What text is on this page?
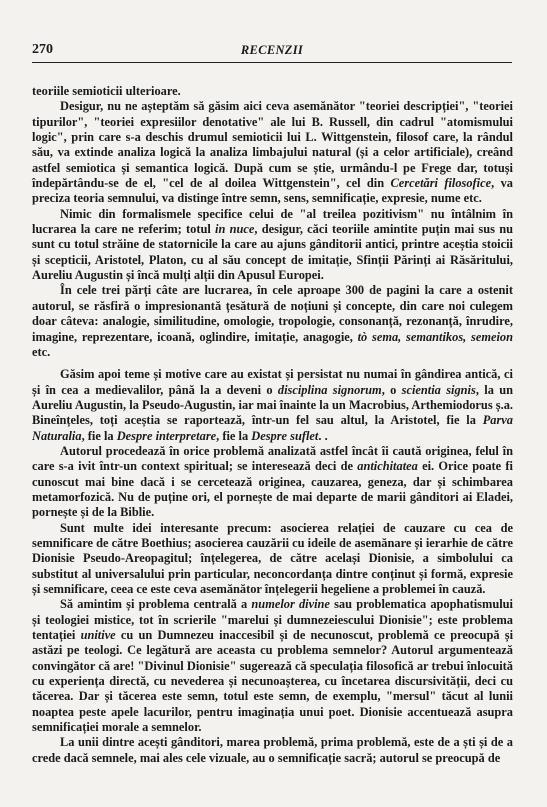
270	RECENZII

teoriile semioticii ulterioare.

Desigur, nu ne așteptăm să găsim aici ceva asemănător "teoriei descripției", "teoriei tipurilor", "teoriei expresiilor denotative" ale lui B. Russell, din cadrul "atomismului logic", prin care s-a deschis drumul semioticii lui L. Wittgenstein, filosof care, la rândul său, va extinde analiza logică la analiza limbajului natural (și a celor artificiale), creând astfel semiotica și semantica logică. După cum se știe, urmându-l pe Frege dar, totuși îndepărtându-se de el, "cel de al doilea Wittgenstein", cel din Cercetări filosofice, va preciza teoria semnului, va distinge între semn, sens, semnificație, expresie, nume etc.

Nimic din formalismele specifice celui de "al treilea pozitivism" nu întâlnim în lucrarea la care ne referim; totul in nuce, desigur, căci teoriile amintite puțin mai sus nu sunt cu totul străine de statornicile la care au ajuns gânditorii antici, printre aceștia stoicii și scepticii, Aristotel, Platon, cu al său concept de imitație, Sfinții Părinți ai Răsăritului, Aureliu Augustin și încă mulți alții din Apusul Europei.

În cele trei părți câte are lucrarea, în cele aproape 300 de pagini la care a ostenit autorul, se răsfiră o impresionantă țesătură de noțiuni și concepte, din care noi culegem doar câteva: analogie, similitudine, omologie, tropologie, consonanță, rezonanță, înrudire, imagine, reprezentare, icoană, oglindire, imitație, anagogie, tò sema, semantikos, semeion etc.

Găsim apoi teme și motive care au existat și persistat nu numai în gândirea antică, ci și în cea a medievalilor, până la a deveni o disciplina signorum, o scientia signis, la un Aureliu Augustin, la Pseudo-Augustin, iar mai înainte la un Macrobius, Arthemiodorus ș.a. Bineînțeles, toți aceștia se raportează, într-un fel sau altul, la Aristotel, fie la Parva Naturalia, fie la Despre interpretare, fie la Despre suflet. .

Autorul procedează în orice problemă analizată astfel încât îi caută originea, felul în care s-a ivit într-un context spiritual; se interesează deci de antichitatea ei. Orice poate fi cunoscut mai bine dacă i se cercetează originea, cauzarea, geneza, dar și schimbarea metamorfozică. Nu de puține ori, el pornește de mai departe de marii gânditori ai Eladei, pornește și de la Biblie.

Sunt multe idei interesante precum: asocierea relației de cauzare cu cea de semnificare de către Boethius; asocierea cauzării cu ideile de asemănare și ierarhie de către Dionisie Pseudo-Areopagitul; înțelegerea, de către același Dionisie, a simbolului ca substitut al universalului prin particular, neconcordanța dintre conținut și formă, expresie și semnificare, ceea ce este ceva asemănător înțelegerii hegeliene a problemei în cauză.

Să amintim și problema centrală a numelor divine sau problematica apophatismului și teologiei mistice, tot în scrierile "marelui și dumnezeiescului Dionisie"; este problema tentației unitive cu un Dumnezeu inaccesibil și de necunoscut, problemă ce preocupă și astăzi pe teologi. Ce legătură are aceasta cu problema semnelor? Autorul argumentează convingător că are! "Divinul Dionisie" sugerează că speculația filosofică ar trebui înlocuită cu experiența directă, cu nevederea și necunoașterea, cu încetarea discursivității, deci cu tăcerea. Dar și tăcerea este semn, totul este semn, de exemplu, "mersul" tăcut al lunii noaptea peste apele lacurilor, pentru imaginația unui poet. Dionisie accentuează asupra semnificației morale a semnelor.

La unii dintre acești gânditori, marea problemă, prima problemă, este de a ști și de a crede dacă semnele, mai ales cele vizuale, au o semnificație sacră; autorul se preocupă de
